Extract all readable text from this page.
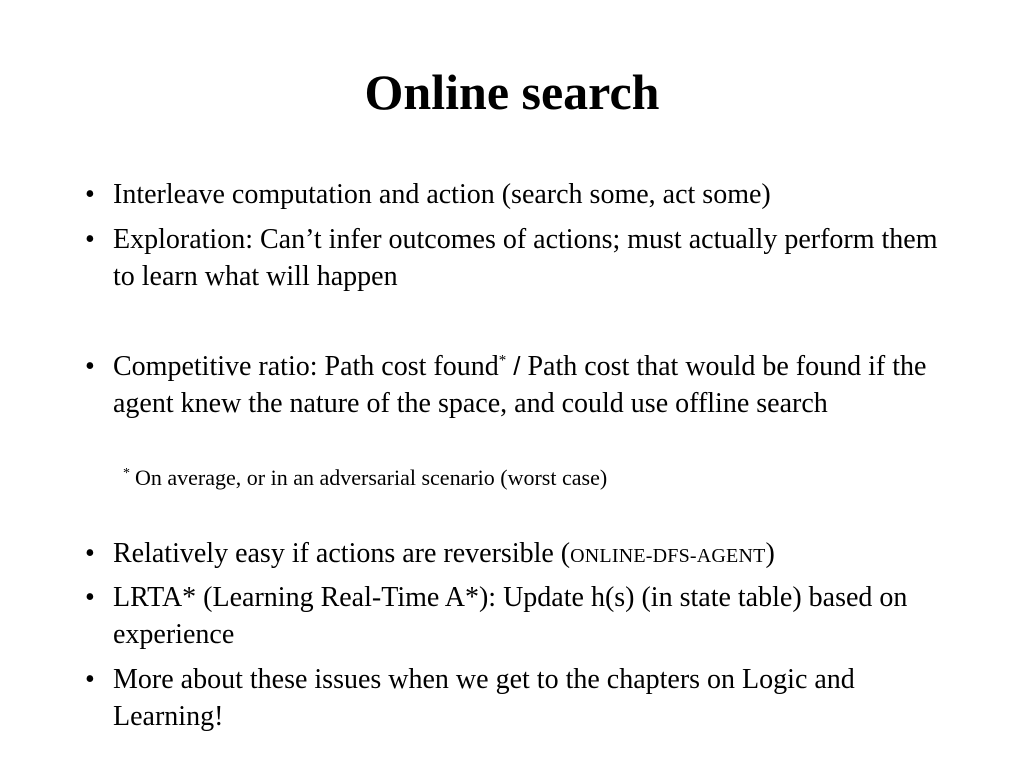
Online search
• Interleave computation and action (search some, act some)
• Exploration: Can’t infer outcomes of actions; must actually perform them to learn what will happen
• Competitive ratio: Path cost found* / Path cost that would be found if the agent knew the nature of the space, and could use offline search
* On average, or in an adversarial scenario (worst case)
• Relatively easy if actions are reversible (ONLINE-DFS-AGENT)
• LRTA* (Learning Real-Time A*): Update h(s) (in state table) based on experience
• More about these issues when we get to the chapters on Logic and Learning!
